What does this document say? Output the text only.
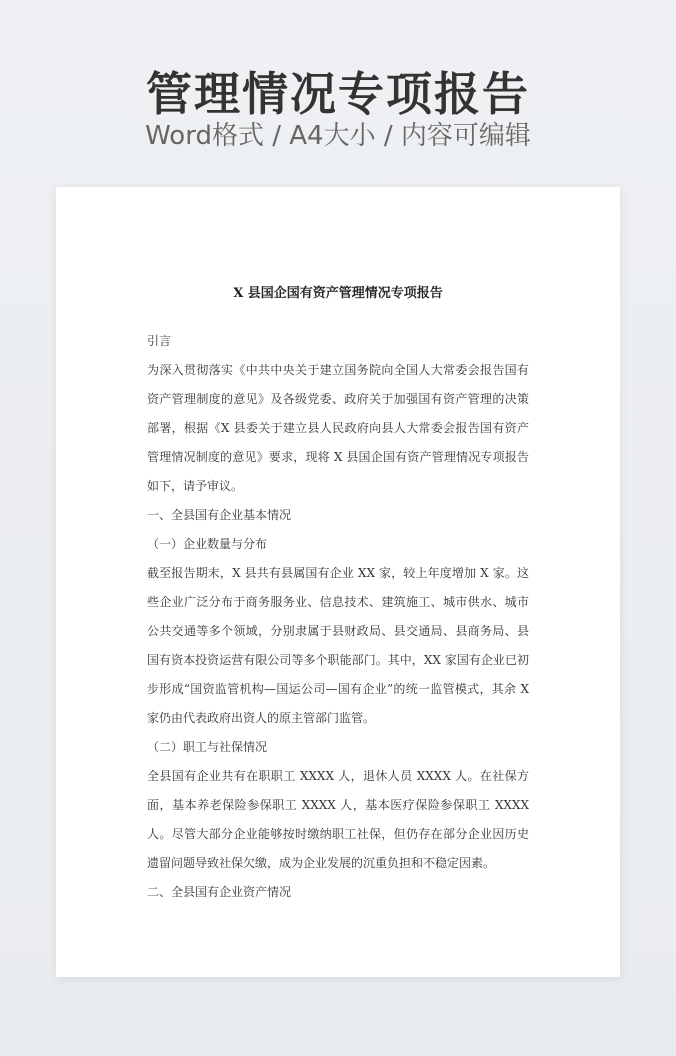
管理情况专项报告
Word格式 / A4大小 / 内容可编辑
X 县国企国有资产管理情况专项报告

引言

为深入贯彻落实《中共中央关于建立国务院向全国人大常委会报告国有资产管理制度的意见》及各级党委、政府关于加强国有资产管理的决策部署，根据《X 县委关于建立县人民政府向县人大常委会报告国有资产管理情况制度的意见》要求，现将 X 县国企国有资产管理情况专项报告如下，请予审议。

一、全县国有企业基本情况

（一）企业数量与分布

截至报告期末，X 县共有县属国有企业 XX 家，较上年度增加 X 家。这些企业广泛分布于商务服务业、信息技术、建筑施工、城市供水、城市公共交通等多个领域，分别隶属于县财政局、县交通局、县商务局、县国有资本投资运营有限公司等多个职能部门。其中，XX 家国有企业已初步形成“国资监管机构—国运公司—国有企业”的统一监管模式，其余 X 家仍由代表政府出资人的原主管部门监管。

（二）职工与社保情况

全县国有企业共有在职职工 XXXX 人，退休人员 XXXX 人。在社保方面，基本养老保险参保职工 XXXX 人，基本医疗保险参保职工 XXXX 人。尽管大部分企业能够按时缴纳职工社保，但仍存在部分企业因历史遗留问题导致社保欠缴，成为企业发展的沉重负担和不稳定因素。

二、全县国有企业资产情况
